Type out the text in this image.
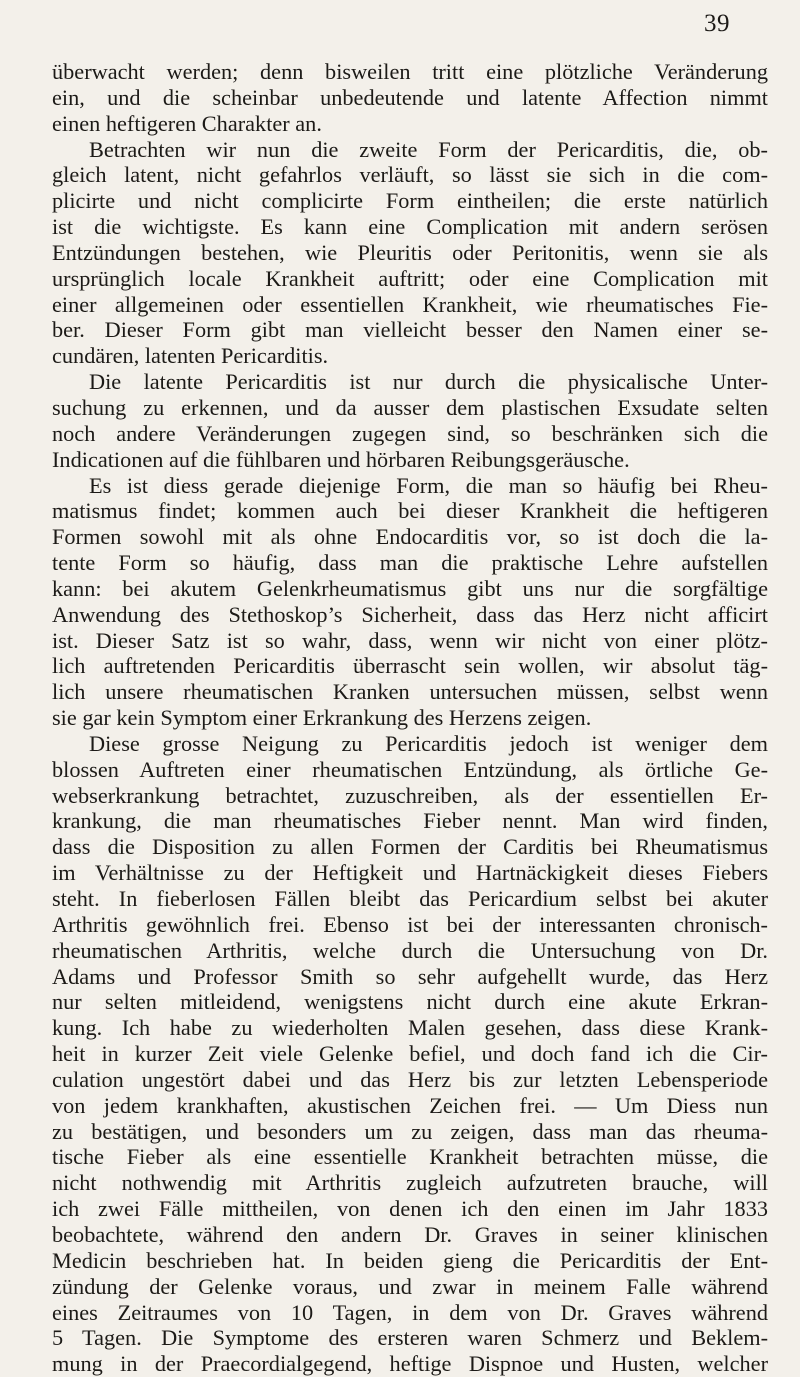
39
überwacht werden; denn bisweilen tritt eine plötzliche Veränderung
ein, und die scheinbar unbedeutende und latente Affection nimmt
einen heftigeren Charakter an.
Betrachten wir nun die zweite Form der Pericarditis, die, ob-
gleich latent, nicht gefahrlos verläuft, so lässt sie sich in die com-
plicirte und nicht complicirte Form eintheilen; die erste natürlich
ist die wichtigste. Es kann eine Complication mit andern serösen
Entzündungen bestehen, wie Pleuritis oder Peritonitis, wenn sie als
ursprünglich locale Krankheit auftritt; oder eine Complication mit
einer allgemeinen oder essentiellen Krankheit, wie rheumatisches Fie-
ber. Dieser Form gibt man vielleicht besser den Namen einer se-
cundären, latenten Pericarditis.
Die latente Pericarditis ist nur durch die physicalische Unter-
suchung zu erkennen, und da ausser dem plastischen Exsudate selten
noch andere Veränderungen zugegen sind, so beschränken sich die
Indicationen auf die fühlbaren und hörbaren Reibungsgeräusche.
Es ist diess gerade diejenige Form, die man so häufig bei Rheu-
matismus findet; kommen auch bei dieser Krankheit die heftigeren
Formen sowohl mit als ohne Endocarditis vor, so ist doch die la-
tente Form so häufig, dass man die praktische Lehre aufstellen
kann: bei akutem Gelenkrheumatismus gibt uns nur die sorgfältige
Anwendung des Stethoskop’s Sicherheit, dass das Herz nicht afficirt
ist. Dieser Satz ist so wahr, dass, wenn wir nicht von einer plötz-
lich auftretenden Pericarditis überrascht sein wollen, wir absolut täg-
lich unsere rheumatischen Kranken untersuchen müssen, selbst wenn
sie gar kein Symptom einer Erkrankung des Herzens zeigen.
Diese grosse Neigung zu Pericarditis jedoch ist weniger dem
blossen Auftreten einer rheumatischen Entzündung, als örtliche Ge-
webserkrankung betrachtet, zuzuschreiben, als der essentiellen Er-
krankung, die man rheumatisches Fieber nennt. Man wird finden,
dass die Disposition zu allen Formen der Carditis bei Rheumatismus
im Verhältnisse zu der Heftigkeit und Hartnäckigkeit dieses Fiebers
steht. In fieberlosen Fällen bleibt das Pericardium selbst bei akuter
Arthritis gewöhnlich frei. Ebenso ist bei der interessanten chronisch-
rheumatischen Arthritis, welche durch die Untersuchung von Dr.
Adams und Professor Smith so sehr aufgehellt wurde, das Herz
nur selten mitleidend, wenigstens nicht durch eine akute Erkran-
kung. Ich habe zu wiederholten Malen gesehen, dass diese Krank-
heit in kurzer Zeit viele Gelenke befiel, und doch fand ich die Cir-
culation ungestört dabei und das Herz bis zur letzten Lebensperiode
von jedem krankhaften, akustischen Zeichen frei. — Um Diess nun
zu bestätigen, und besonders um zu zeigen, dass man das rheuma-
tische Fieber als eine essentielle Krankheit betrachten müsse, die
nicht nothwendig mit Arthritis zugleich aufzutreten brauche, will
ich zwei Fälle mittheilen, von denen ich den einen im Jahr 1833
beobachtete, während den andern Dr. Graves in seiner klinischen
Medicin beschrieben hat. In beiden gieng die Pericarditis der Ent-
zündung der Gelenke voraus, und zwar in meinem Falle während
eines Zeitraumes von 10 Tagen, in dem von Dr. Graves während
5 Tagen. Die Symptome des ersteren waren Schmerz und Beklem-
mung in der Praecordialgegend, heftige Dispnoe und Husten, welcher
